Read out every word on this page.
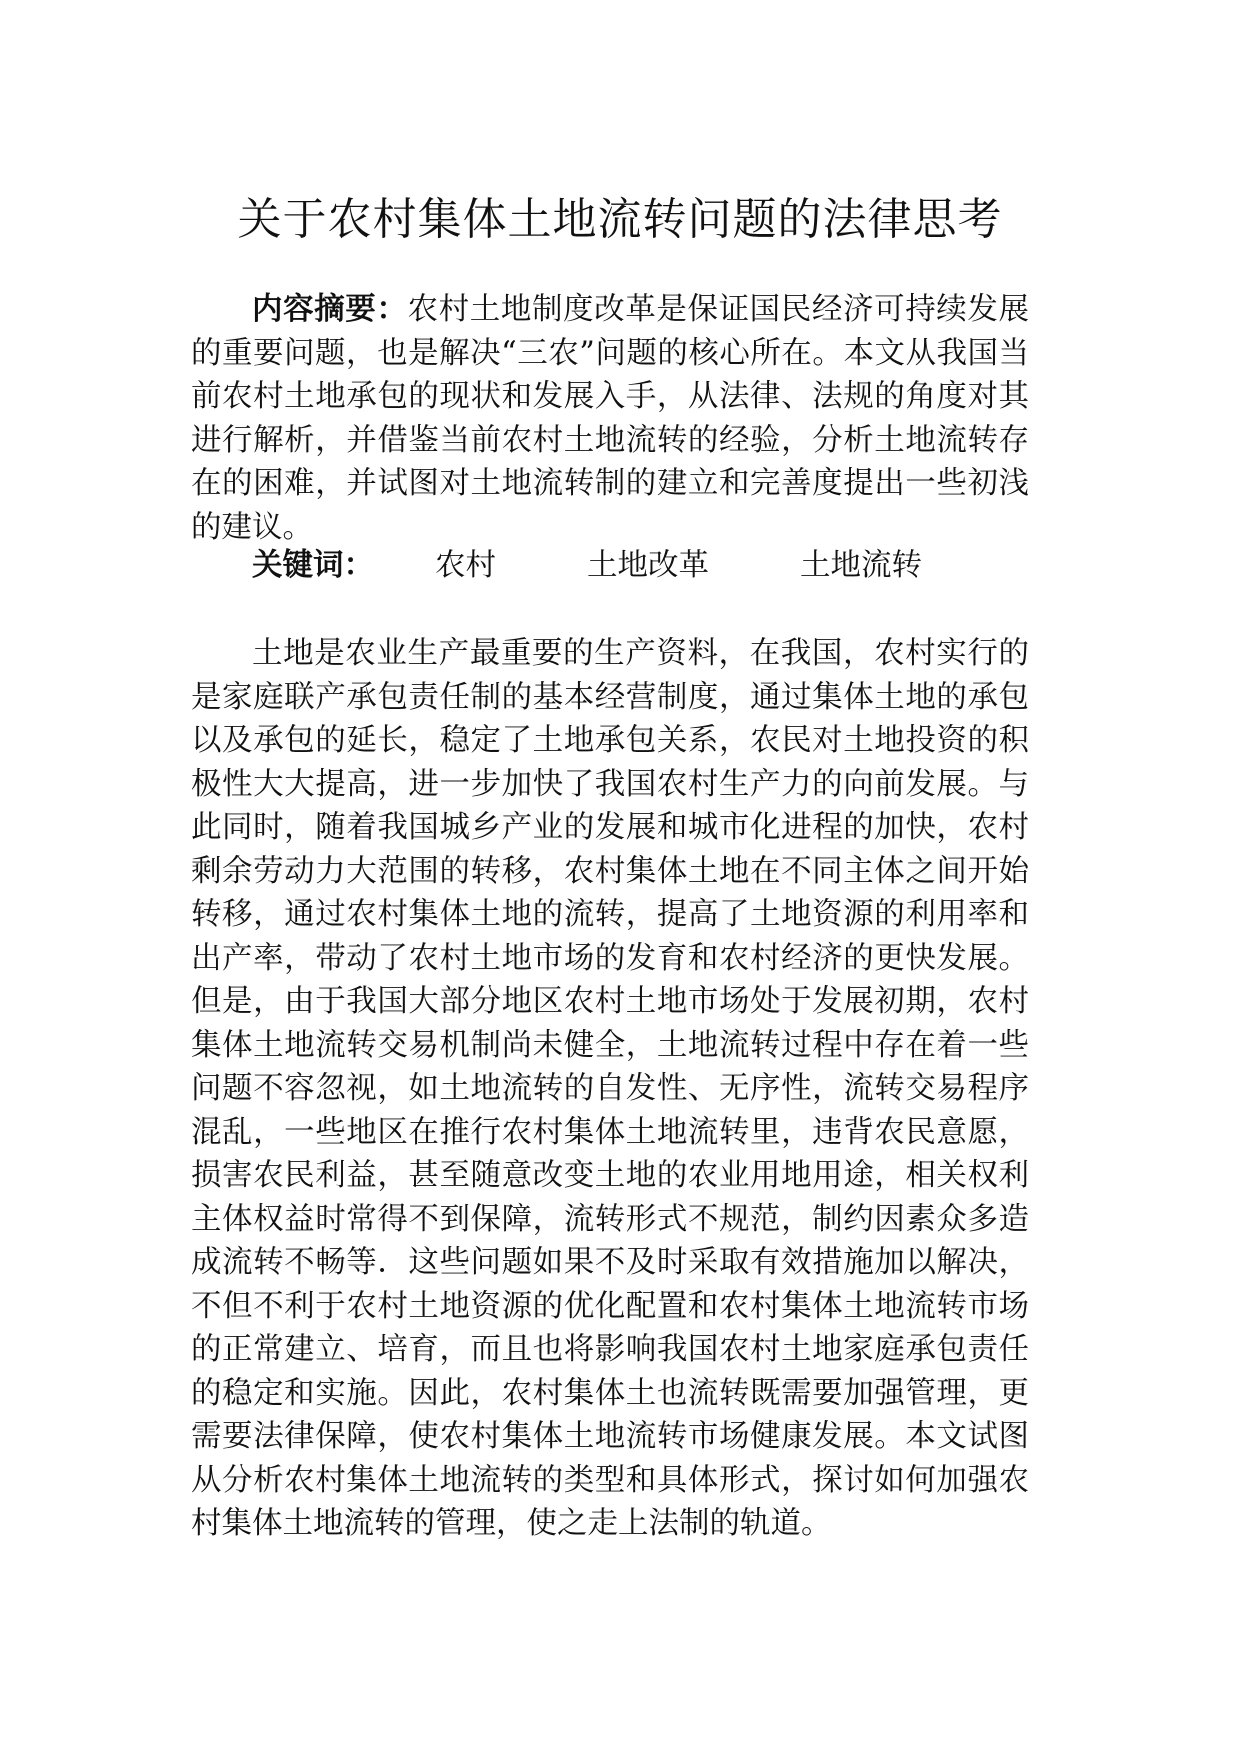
关于农村集体土地流转问题的法律思考

内容摘要：农村土地制度改革是保证国民经济可持续发展的重要问题，也是解决“三农”问题的核心所在。本文从我国当前农村土地承包的现状和发展入手，从法律、法规的角度对其进行解析，并借鉴当前农村土地流转的经验，分析土地流转存在的困难，并试图对土地流转制的建立和完善度提出一些初浅的建议。

关键词： 农村	土地改革	土地流转

土地是农业生产最重要的生产资料，在我国，农村实行的是家庭联产承包责任制的基本经营制度，通过集体土地的承包以及承包的延长，稳定了土地承包关系，农民对土地投资的积极性大大提高，进一步加快了我国农村生产力的向前发展。与此同时，随着我国城乡产业的发展和城市化进程的加快，农村剩余劳动力大范围的转移，农村集体土地在不同主体之间开始转移，通过农村集体土地的流转，提高了土地资源的利用率和出产率，带动了农村土地市场的发育和农村经济的更快发展。但是，由于我国大部分地区农村土地市场处于发展初期，农村集体土地流转交易机制尚未健全，土地流转过程中存在着一些问题不容忽视，如土地流转的自发性、无序性，流转交易程序混乱，一些地区在推行农村集体土地流转里，违背农民意愿，损害农民利益，甚至随意改变土地的农业用地用途，相关权利主体权益时常得不到保障，流转形式不规范，制约因素众多造成流转不畅等．这些问题如果不及时采取有效措施加以解决，不但不利于农村土地资源的优化配置和农村集体土地流转市场的正常建立、培育，而且也将影响我国农村土地家庭承包责任的稳定和实施。因此，农村集体土也流转既需要加强管理，更需要法律保障，使农村集体土地流转市场健康发展。本文试图从分析农村集体土地流转的类型和具体形式，探讨如何加强农村集体土地流转的管理，使之走上法制的轨道。
